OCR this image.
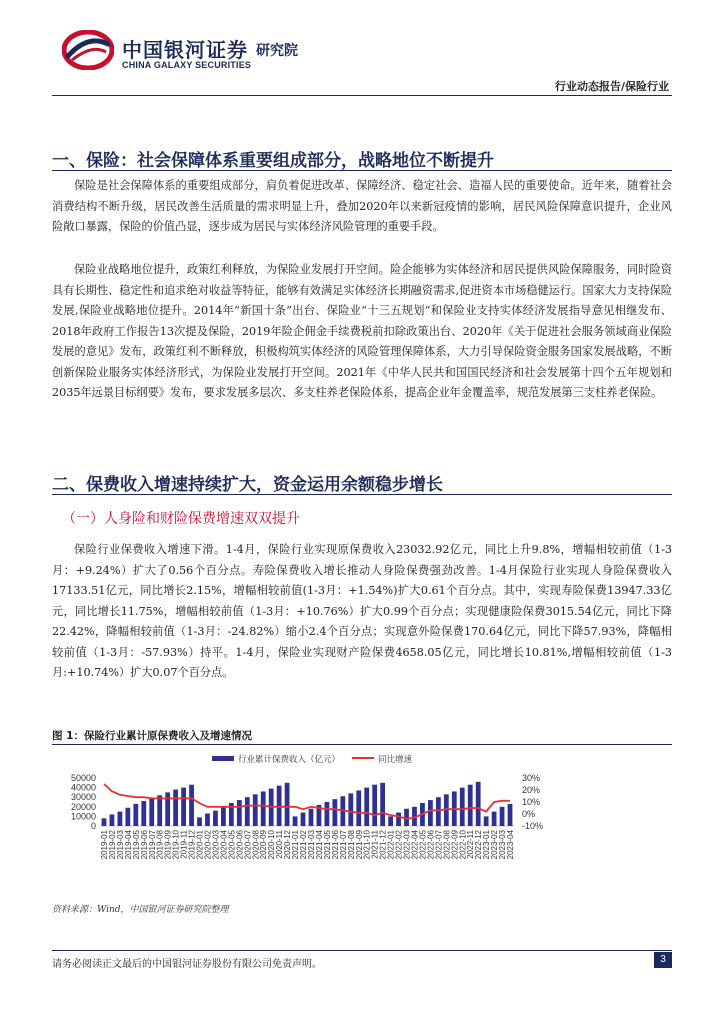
中国银河证券
CHINA GALAXY SECURITIES
研究院
行业动态报告/保险行业
一、保险：社会保障体系重要组成部分，战略地位不断提升

保险是社会保障体系的重要组成部分，肩负着促进改革、保障经济、稳定社会、造福人民的重要使命。近年来，随着社会消费结构不断升级，居民改善生活质量的需求明显上升，叠加2020年以来新冠疫情的影响，居民风险保障意识提升，企业风险敞口暴露，保险的价值凸显，逐步成为居民与实体经济风险管理的重要手段。

保险业战略地位提升，政策红利释放，为保险业发展打开空间。险企能够为实体经济和居民提供风险保障服务，同时险资具有长期性、稳定性和追求绝对收益等特征，能够有效满足实体经济长期融资需求,促进资本市场稳健运行。国家大力支持保险发展,保险业战略地位提升。2014年“新国十条”出台、保险业“十三五规划”和保险业支持实体经济发展指导意见相继发布、2018年政府工作报告13次提及保险，2019年险企佣金手续费税前扣除政策出台、2020年《关于促进社会服务领域商业保险发展的意见》发布，政策红利不断释放，积极构筑实体经济的风险管理保障体系，大力引导保险资金服务国家发展战略，不断创新保险业服务实体经济形式，为保险业发展打开空间。2021年《中华人民共和国国民经济和社会发展第十四个五年规划和2035年远景目标纲要》发布，要求发展多层次、多支柱养老保险体系，提高企业年金覆盖率，规范发展第三支柱养老保险。

二、保费收入增速持续扩大，资金运用余额稳步增长
（一）人身险和财险保费增速双双提升

保险行业保费收入增速下滑。1-4月，保险行业实现原保费收入23032.92亿元，同比上升9.8%，增幅相较前值（1-3月：+9.24%）扩大了0.56个百分点。寿险保费收入增长推动人身险保费强劲改善。1-4月保险行业实现人身险保费收入17133.51亿元，同比增长2.15%，增幅相较前值(1-3月：+1.54%)扩大0.61个百分点。其中，实现寿险保费13947.33亿元，同比增长11.75%，增幅相较前值（1-3月：+10.76%）扩大0.99个百分点；实现健康险保费3015.54亿元，同比下降22.42%，降幅相较前值（1-3月：-24.82%）缩小2.4个百分点；实现意外险保费170.64亿元，同比下降57.93%，降幅相较前值（1-3月：-57.93%）持平。1-4月，保险业实现财产险保费4658.05亿元，同比增长10.81%,增幅相较前值（1-3月:+10.74%）扩大0.07个百分点。

图 1：保险行业累计原保费收入及增速情况
行业累计保费收入（亿元）	同比增速
0
10000
20000
30000
40000
50000
-10%
0%
10%
20%
30%
2019-01
2019-02
2019-03
2019-04
2019-05
2019-06
2019-07
2019-08
2019-09
2019-10
2019-11
2019-12
2020-01
2020-02
2020-03
2020-04
2020-05
2020-06
2020-07
2020-08
2020-09
2020-10
2020-11
2020-12
2021-01
2021-02
2021-03
2021-04
2021-05
2021-06
2021-07
2021-08
2021-09
2021-10
2021-11
2021-12
2022-01
2022-02
2022-03
2022-04
2022-05
2022-06
2022-07
2022-08
2022-09
2022-10
2022-11
2022-12
2023-01
2023-02
2023-03
2023-04
资料来源：Wind，中国银河证券研究院整理
请务必阅读正文最后的中国银河证券股份有限公司免责声明。	3
